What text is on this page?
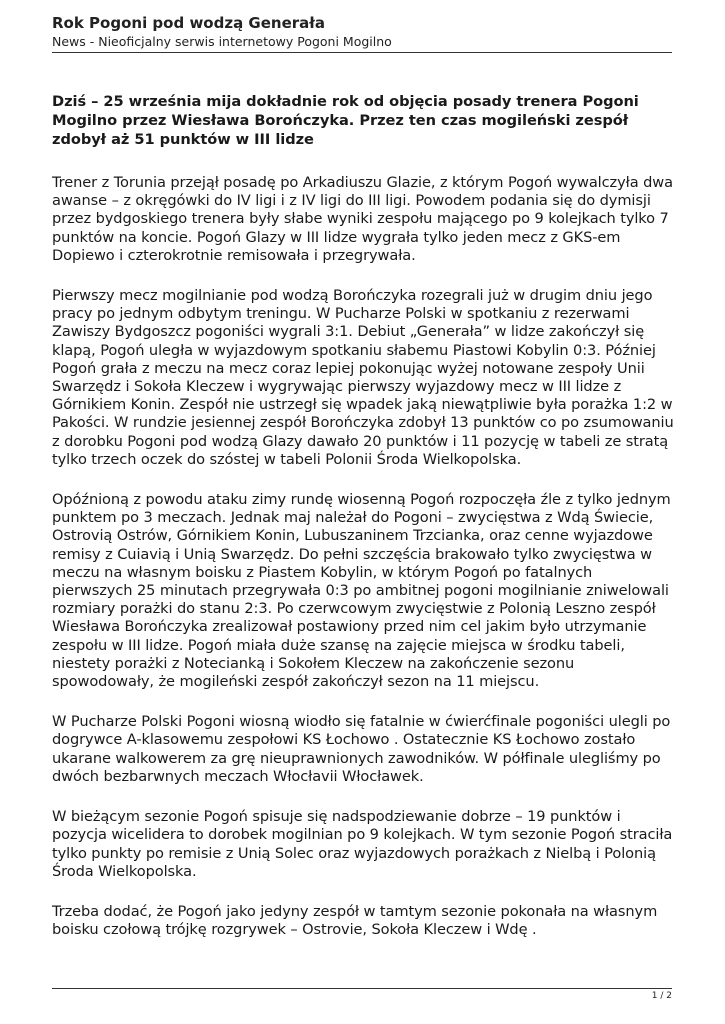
Rok Pogoni pod wodzą Generała
News - Nieoficjalny serwis internetowy Pogoni Mogilno

Dziś – 25 września mija dokładnie rok od objęcia posady trenera Pogoni Mogilno przez Wiesława Borończyka. Przez ten czas mogileński zespół zdobył aż 51 punktów w III lidze

Trener z Torunia przejął posadę po Arkadiuszu Glazie, z którym Pogoń wywalczyła dwa awanse – z okręgówki do IV ligi i z IV ligi do III ligi. Powodem podania się do dymisji przez bydgoskiego trenera były słabe wyniki zespołu mającego po 9 kolejkach tylko 7 punktów na koncie. Pogoń Glazy w III lidze wygrała tylko jeden mecz z GKS-em Dopiewo i czterokrotnie remisowała i przegrywała.

Pierwszy mecz mogilnianie pod wodzą Borończyka rozegrali już w drugim dniu jego pracy po jednym odbytym treningu. W Pucharze Polski w spotkaniu z rezerwami Zawiszy Bydgoszcz pogoniści wygrali 3:1. Debiut „Generała” w lidze zakończył się klapą, Pogoń uległa w wyjazdowym spotkaniu słabemu Piastowi Kobylin 0:3. Później Pogoń grała z meczu na mecz coraz lepiej pokonując wyżej notowane zespoły Unii Swarzędz i Sokoła Kleczew i wygrywając pierwszy wyjazdowy mecz w III lidze z Górnikiem Konin. Zespół nie ustrzegł się wpadek jaką niewątpliwie była porażka 1:2 w Pakości. W rundzie jesiennej zespół Borończyka zdobył 13 punktów co po zsumowaniu z dorobku Pogoni pod wodzą Glazy dawało 20 punktów i 11 pozycję w tabeli ze stratą tylko trzech oczek do szóstej w tabeli Polonii Środa Wielkopolska.

Opóźnioną z powodu ataku zimy rundę wiosenną Pogoń rozpoczęła źle z tylko jednym punktem po 3 meczach. Jednak maj należał do Pogoni – zwycięstwa z Wdą Świecie, Ostrovią Ostrów, Górnikiem Konin, Lubuszaninem Trzcianka, oraz cenne wyjazdowe remisy z Cuiavią i Unią Swarzędz. Do pełni szczęścia brakowało tylko zwycięstwa w meczu na własnym boisku z Piastem Kobylin, w którym Pogoń po fatalnych pierwszych 25 minutach przegrywała 0:3 po ambitnej pogoni mogilnianie zniwelowali rozmiary porażki do stanu 2:3. Po czerwcowym zwycięstwie z Polonią Leszno zespół Wiesława Borończyka zrealizował postawiony przed nim cel jakim było utrzymanie zespołu w III lidze. Pogoń miała duże szansę na zajęcie miejsca w środku tabeli, niestety porażki z Notecianką i Sokołem Kleczew na zakończenie sezonu spowodowały, że mogileński zespół zakończył sezon na 11 miejscu.

W Pucharze Polski Pogoni wiosną wiodło się fatalnie w ćwierćfinale pogoniści ulegli po dogrywce A-klasowemu zespołowi KS Łochowo . Ostatecznie KS Łochowo zostało ukarane walkowerem za grę nieuprawnionych zawodników. W półfinale ulegliśmy po dwóch bezbarwnych meczach Włocłavii Włocławek.

W bieżącym sezonie Pogoń spisuje się nadspodziewanie dobrze – 19 punktów i pozycja wicelidera to dorobek mogilnian po 9 kolejkach. W tym sezonie Pogoń straciła tylko punkty po remisie z Unią Solec oraz wyjazdowych porażkach z Nielbą i Polonią Środa Wielkopolska.

Trzeba dodać, że Pogoń jako jedyny zespół w tamtym sezonie pokonała na własnym boisku czołową trójkę rozgrywek – Ostrovie, Sokoła Kleczew i Wdę .

1 / 2
